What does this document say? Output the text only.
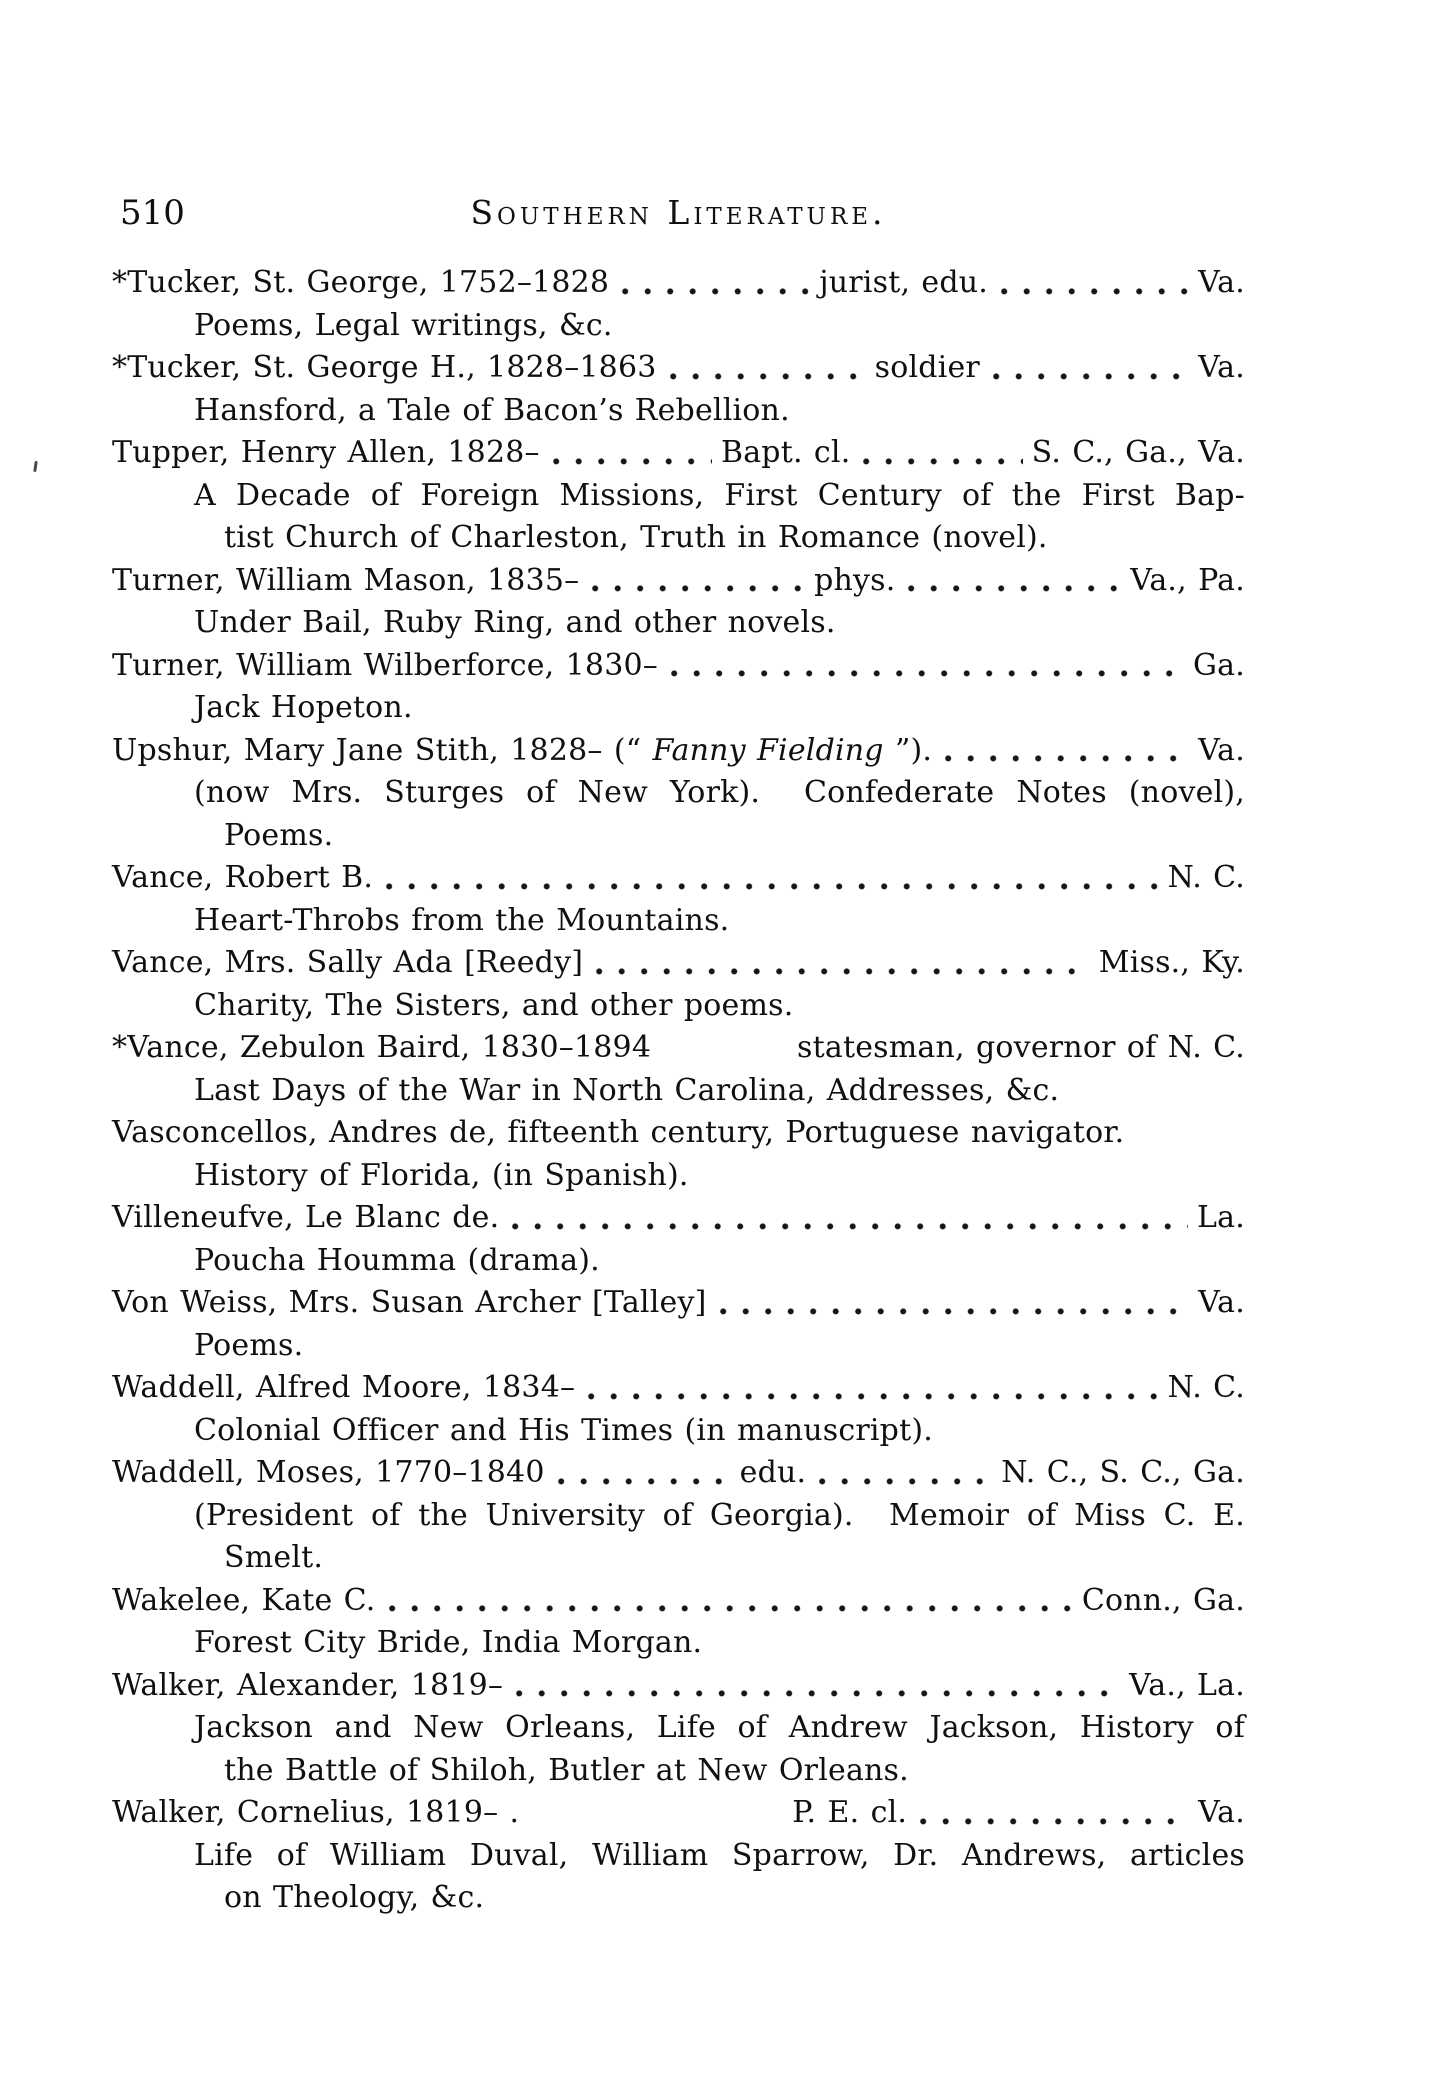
510	Southern Literature.
*Tucker, St. George, 1752–1828	jurist, edu.	Va.
Poems, Legal writings, &c.
*Tucker, St. George H., 1828–1863	soldier	Va.
Hansford, a Tale of Bacon’s Rebellion.
Tupper, Henry Allen, 1828–	Bapt. cl.	S. C., Ga., Va.
A Decade of Foreign Missions, First Century of the First Bap-
tist Church of Charleston, Truth in Romance (novel).
Turner, William Mason, 1835–	phys.	Va., Pa.
Under Bail, Ruby Ring, and other novels.
Turner, William Wilberforce, 1830–	Ga.
Jack Hopeton.
Upshur, Mary Jane Stith, 1828– (“ Fanny Fielding ”).	Va.
(now Mrs. Sturges of New York).  Confederate Notes (novel),
Poems.
Vance, Robert B.	N. C.
Heart-Throbs from the Mountains.
Vance, Mrs. Sally Ada [Reedy]	Miss., Ky.
Charity, The Sisters, and other poems.
*Vance, Zebulon Baird, 1830–1894	statesman, governor of N. C.
Last Days of the War in North Carolina, Addresses, &c.
Vasconcellos, Andres de, fifteenth century, Portuguese navigator.
History of Florida, (in Spanish).
Villeneufve, Le Blanc de.	La.
Poucha Houmma (drama).
Von Weiss, Mrs. Susan Archer [Talley]	Va.
Poems.
Waddell, Alfred Moore, 1834–	N. C.
Colonial Officer and His Times (in manuscript).
Waddell, Moses, 1770–1840	edu.	N. C., S. C., Ga.
(President of the University of Georgia).  Memoir of Miss C. E.
Smelt.
Wakelee, Kate C.	Conn., Ga.
Forest City Bride, India Morgan.
Walker, Alexander, 1819–	Va., La.
Jackson and New Orleans, Life of Andrew Jackson, History of
the Battle of Shiloh, Butler at New Orleans.
Walker, Cornelius, 1819– .	P. E. cl.	Va.
Life of William Duval, William Sparrow, Dr. Andrews, articles
on Theology, &c.
